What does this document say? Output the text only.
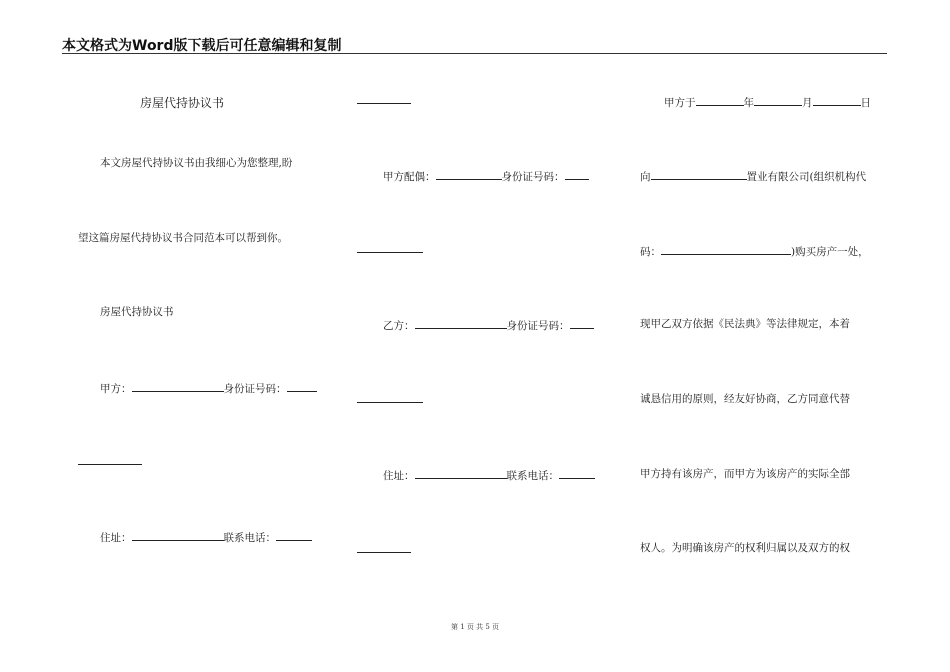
本文格式为Word版下载后可任意编辑和复制
房屋代持协议书
本文房屋代持协议书由我细心为您整理,盼
望这篇房屋代持协议书合同范本可以帮到你。
房屋代持协议书
甲方：	身份证号码：
住址：	联系电话：
甲方配偶：	身份证号码：
乙方：	身份证号码：
住址：	联系电话：
甲方于	年	月	日
向	置业有限公司(组织机构代
码：	)购买房产一处，
现甲乙双方依据《民法典》等法律规定，本着
诚恳信用的原则，经友好协商，乙方同意代替
甲方持有该房产，而甲方为该房产的实际全部
权人。为明确该房产的权利归属以及双方的权
第 1 页 共 5 页
